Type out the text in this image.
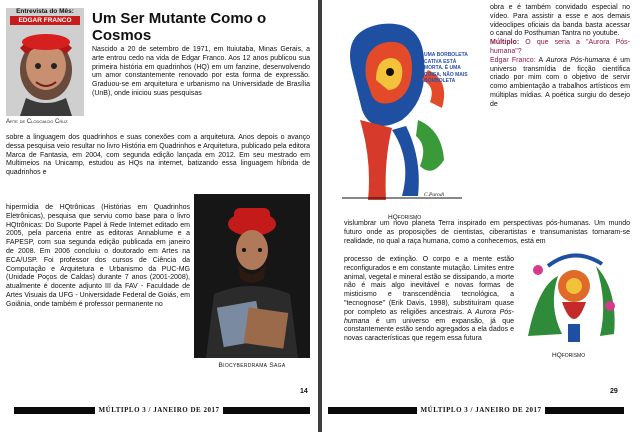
Entrevista do Mês:
EDGAR FRANCO
Arte de Clodoaldo Cruz
Um Ser Mutante Como o Cosmos
Nascido a 20 de setembro de 1971, em Ituiutaba, Minas Gerais, a arte entrou cedo na vida de Edgar Franco. Aos 12 anos publicou sua primeira história em quadrinhos (HQ) em um fanzine, desenvolvendo um amor constantemente renovado por esta forma de expressão. Graduou-se em arquitetura e urbanismo na Universidade de Brasília (UnB), onde iniciou suas pesquisas
sobre a linguagem dos quadrinhos e suas conexões com a arquitetura. Anos depois o avanço dessa pesquisa veio resultar no livro História em Quadrinhos e Arquitetura, publicado pela editora Marca de Fantasia, em 2004, com segunda edição lançada em 2012. Em seu mestrado em Multimeios na Unicamp, estudou as HQs na internet, batizando essa linguagem híbrida de quadrinhos e
hipermídia de HQtrônicas (Histórias em Quadrinhos Eletrônicas), pesquisa que serviu como base para o livro HQtrônicas: Do Suporte Papel à Rede Internet editado em 2005, pela parceria entre as editoras Annablume e a FAPESP, com sua segunda edição publicada em janeiro de 2008. Em 2006 concluiu o doutorado em Artes na ECA/USP. Foi professor dos cursos de Ciência da Computação e Arquitetura e Urbanismo da PUC-MG (Unidade Poços de Caldas) durante 7 anos (2001-2008), atualmente é docente adjunto III da FAV - Faculdade de Artes Visuais da UFG - Universidade Federal de Goiás, em Goiânia, onde também é professor permanente no
Biocyberdrama Saga
14
MÚLTIPLO 3 / JANEIRO DE 2017
UMA BORBOLETA CATIVA ESTÁ MORTA. É UMA COISA, NÃO MAIS BORBOLETA
C.Parodi
HQforismo
obra e é também convidado especial no vídeo. Para assistir a esse e aos demais videoclipes oficiais da banda basta acessar o canal do Posthuman Tantra no youtube.
Múltiplo: O que seria a "Aurora Pós-humana"?
Edgar Franco: A Aurora Pós-humana é um universo transmídia de ficção científica criado por mim com o objetivo de servir como ambientação a trabalhos artísticos em múltiplas mídias. A poética surgiu do desejo de
vislumbrar um novo planeta Terra inspirado em perspectivas pós-humanas. Um mundo futuro onde as proposições de cientistas, ciberartistas e transumanistas tornaram-se realidade, no qual a raça humana, como a conhecemos, está em
processo de extinção. O corpo e a mente estão reconfigurados e em constante mutação. Limites entre animal, vegetal e mineral estão se dissipando, a morte não é mais algo inevitável e novas formas de misticismo e transcendência tecnológica, a "tecnognose" (Erik Davis, 1998), substituíram quase por completo as religiões ancestrais. A Aurora Pós-humana é um universo em expansão, já que constantemente estão sendo agregados a ela dados e novas características que regem essa futura
HQforismo
29
MÚLTIPLO 3 / JANEIRO DE 2017
